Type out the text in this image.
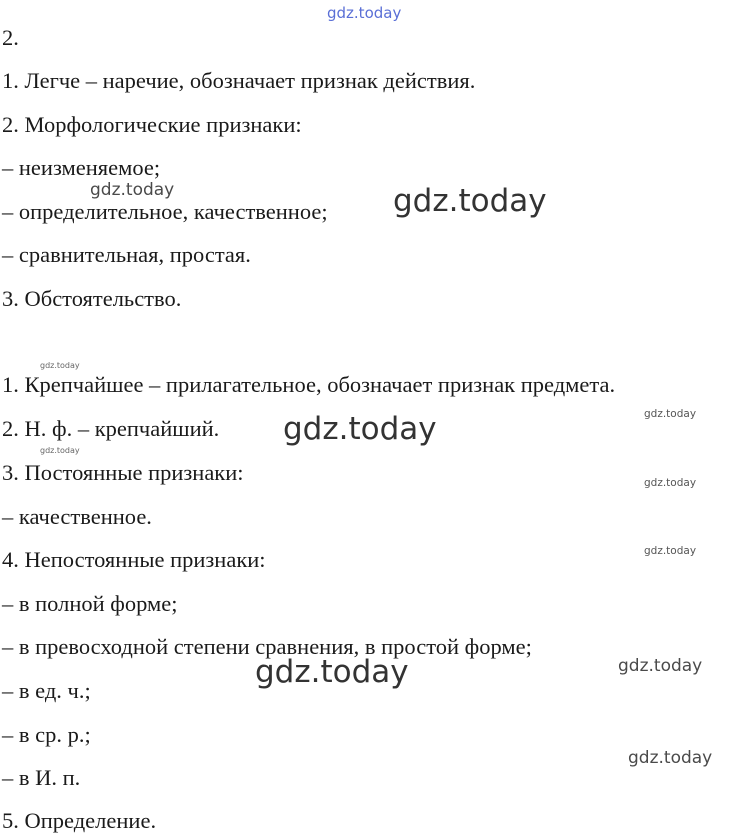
gdz.today
2.
1. Легче – наречие, обозначает признак действия.
2. Морфологические признаки:
– неизменяемое;
– определительное, качественное;
– сравнительная, простая.
3. Обстоятельство.
1. Крепчайшее – прилагательное, обозначает признак предмета.
2. Н. ф. – крепчайший.
3. Постоянные признаки:
– качественное.
4. Непостоянные признаки:
– в полной форме;
– в превосходной степени сравнения, в простой форме;
– в ед. ч.;
– в ср. р.;
– в И. п.
5. Определение.
gdz.today	gdz.today
gdz.today
gdz.today
gdz.today
gdz.today
gdz.today
gdz.today
gdz.today
gdz.today
gdz.today
